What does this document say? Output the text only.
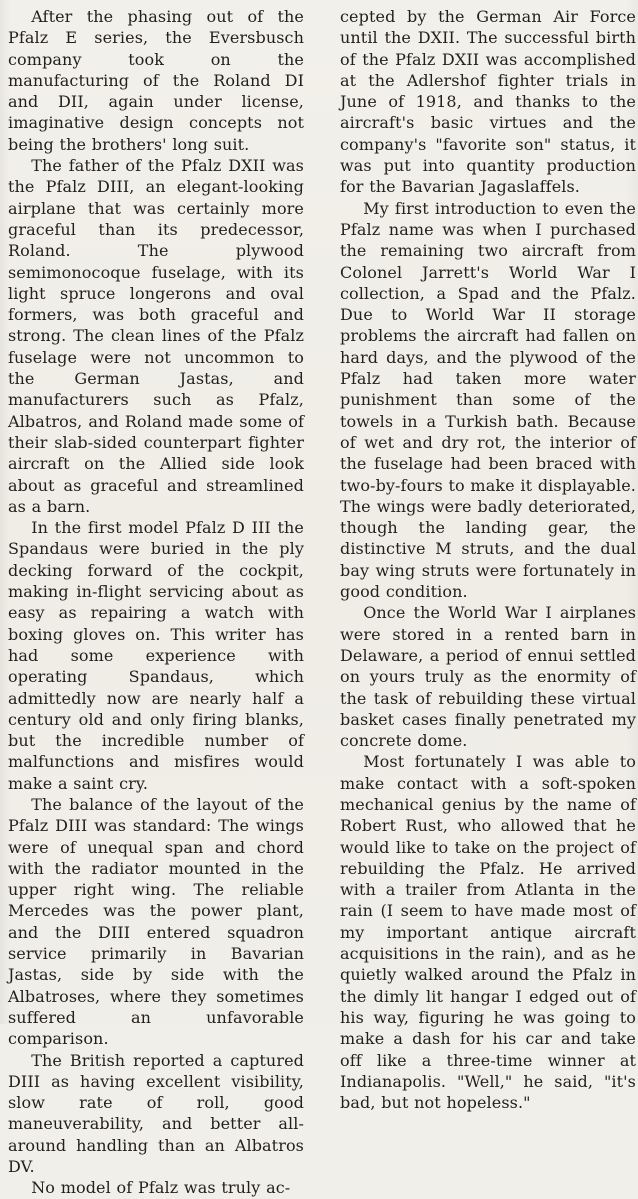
After the phasing out of the Pfalz E series, the Eversbusch company took on the manufacturing of the Roland DI and DII, again under license, imaginative design concepts not being the brothers' long suit.

The father of the Pfalz DXII was the Pfalz DIII, an elegant-looking airplane that was certainly more graceful than its predecessor, Roland. The plywood semimonocoque fuselage, with its light spruce longerons and oval formers, was both graceful and strong. The clean lines of the Pfalz fuselage were not uncommon to the German Jastas, and manufacturers such as Pfalz, Albatros, and Roland made some of their slab-sided counterpart fighter aircraft on the Allied side look about as graceful and streamlined as a barn.

In the first model Pfalz D III the Spandaus were buried in the ply decking forward of the cockpit, making in-flight servicing about as easy as repairing a watch with boxing gloves on. This writer has had some experience with operating Spandaus, which admittedly now are nearly half a century old and only firing blanks, but the incredible number of malfunctions and misfires would make a saint cry.

The balance of the layout of the Pfalz DIII was standard: The wings were of unequal span and chord with the radiator mounted in the upper right wing. The reliable Mercedes was the power plant, and the DIII entered squadron service primarily in Bavarian Jastas, side by side with the Albatroses, where they sometimes suffered an unfavorable comparison.

The British reported a captured DIII as having excellent visibility, slow rate of roll, good maneuverability, and better all-around handling than an Albatros DV.

No model of Pfalz was truly ac-

cepted by the German Air Force until the DXII. The successful birth of the Pfalz DXII was accomplished at the Adlershof fighter trials in June of 1918, and thanks to the aircraft's basic virtues and the company's "favorite son" status, it was put into quantity production for the Bavarian Jagaslaffels.

My first introduction to even the Pfalz name was when I purchased the remaining two aircraft from Colonel Jarrett's World War I collection, a Spad and the Pfalz. Due to World War II storage problems the aircraft had fallen on hard days, and the plywood of the Pfalz had taken more water punishment than some of the towels in a Turkish bath. Because of wet and dry rot, the interior of the fuselage had been braced with two-by-fours to make it displayable. The wings were badly deteriorated, though the landing gear, the distinctive M struts, and the dual bay wing struts were fortunately in good condition.

Once the World War I airplanes were stored in a rented barn in Delaware, a period of ennui settled on yours truly as the enormity of the task of rebuilding these virtual basket cases finally penetrated my concrete dome.

Most fortunately I was able to make contact with a soft-spoken mechanical genius by the name of Robert Rust, who allowed that he would like to take on the project of rebuilding the Pfalz. He arrived with a trailer from Atlanta in the rain (I seem to have made most of my important antique aircraft acquisitions in the rain), and as he quietly walked around the Pfalz in the dimly lit hangar I edged out of his way, figuring he was going to make a dash for his car and take off like a three-time winner at Indianapolis. "Well," he said, "it's bad, but not hopeless."
